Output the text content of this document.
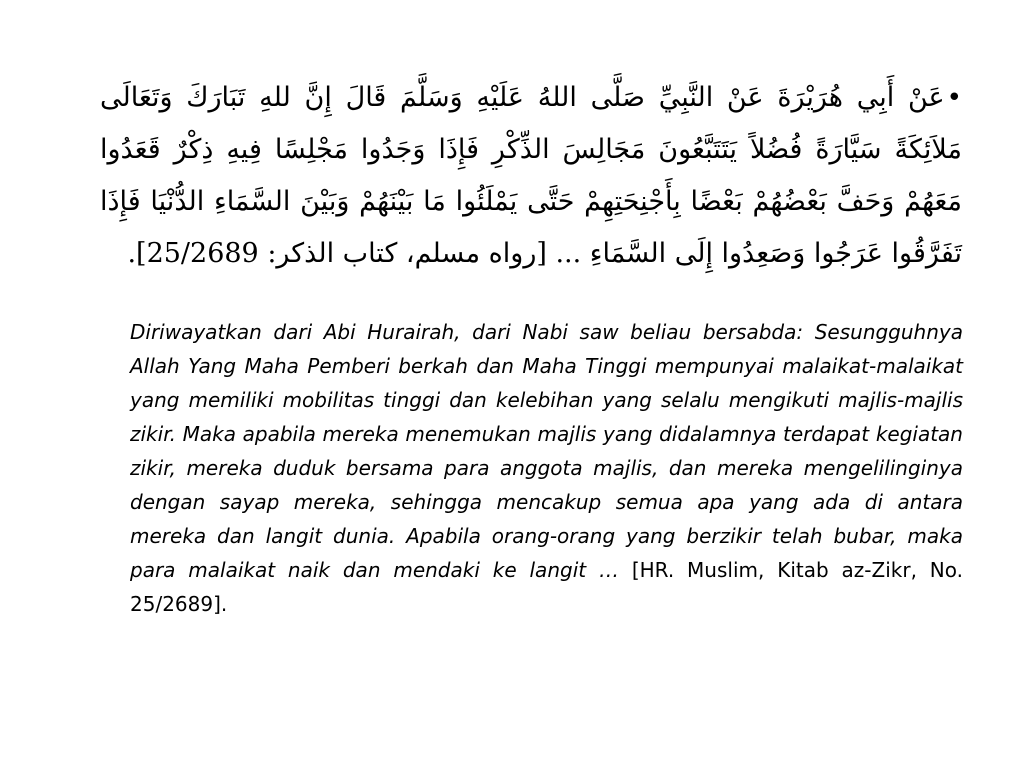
•عَنْ أَبِي هُرَيْرَةَ عَنْ النَّبِيِّ صَلَّى اللهُ عَلَيْهِ وَسَلَّمَ قَالَ إِنَّ للهِ تَبَارَكَ وَتَعَالَى مَلاَئِكَةً سَيَّارَةً فُضُلاً يَتَتَبَّعُونَ مَجَالِسَ الذِّكْرِ فَإِذَا وَجَدُوا مَجْلِسًا فِيهِ ذِكْرٌ قَعَدُوا مَعَهُمْ وَحَفَّ بَعْضُهُمْ بَعْضًا بِأَجْنِحَتِهِمْ حَتَّى يَمْلَئُوا مَا بَيْنَهُمْ وَبَيْنَ السَّمَاءِ الدُّنْيَا فَإِذَا تَفَرَّقُوا عَرَجُوا وَصَعِدُوا إِلَى السَّمَاءِ ... [رواه مسلم، كتاب الذكر: 25/2689].
Diriwayatkan dari Abi Hurairah, dari Nabi saw beliau bersabda: Sesungguhnya Allah Yang Maha Pemberi berkah dan Maha Tinggi mempunyai malaikat-malaikat yang memiliki mobilitas tinggi dan kelebihan yang selalu mengikuti majlis-majlis zikir. Maka apabila mereka menemukan majlis yang didalamnya terdapat kegiatan zikir, mereka duduk bersama para anggota majlis, dan mereka mengelilinginya dengan sayap mereka, sehingga mencakup semua apa yang ada di antara mereka dan langit dunia. Apabila orang-orang yang berzikir telah bubar, maka para malaikat naik dan mendaki ke langit … [HR. Muslim, Kitab az-Zikr, No. 25/2689].
